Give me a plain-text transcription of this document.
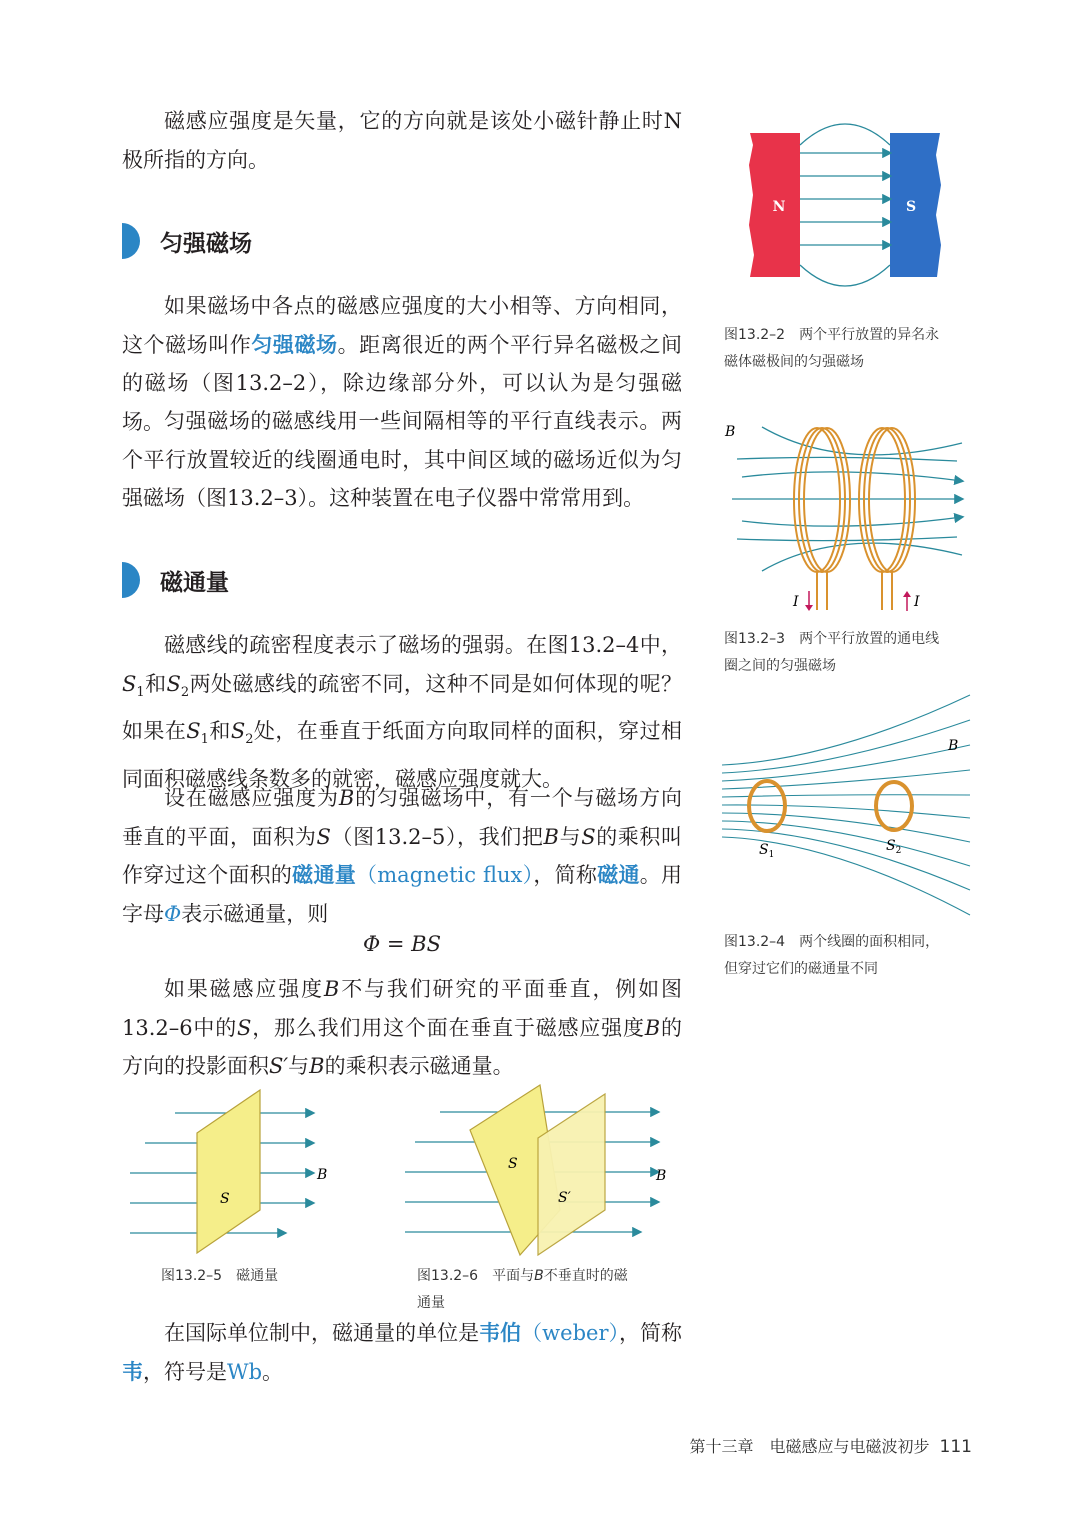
磁感应强度是矢量，它的方向就是该处小磁针静止时N 极所指的方向。

匀强磁场

如果磁场中各点的磁感应强度的大小相等、方向相同，这个磁场叫作匀强磁场。距离很近的两个平行异名磁极之间的磁场（图13.2–2），除边缘部分外，可以认为是匀强磁场。 匀强磁场的磁感线用一些间隔相等的平行直线表示。两个平行放置较近的线圈通电时，其中间区域的磁场近似为匀强磁场（图13.2–3）。这种装置在电子仪器中常常用到。

磁通量

磁感线的疏密程度表示了磁场的强弱。在图13.2–4中，$S_1$和$S_2$两处磁感线的疏密不同，这种不同是如何体现的呢？如果在$S_1$和$S_2$处，在垂直于纸面方向取同样的面积，穿过相同面积磁感线条数多的就密，磁感应强度就大。

设在磁感应强度为B的匀强磁场中，有一个与磁场方向垂直的平面，面积为S（图13.2–5），我们把B与S的乘积叫作穿过这个面积的磁通量（magnetic flux），简称磁通。用字母Φ表示磁通量，则

Φ = BS

如果磁感应强度B不与我们研究的平面垂直，例如图13.2–6中的S，那么我们用这个面在垂直于磁感应强度B的方向的投影面积S′与B的乘积表示磁通量。

在国际单位制中，磁通量的单位是韦伯（weber），简称韦，符号是Wb。

N	S
图13.2–2　两个平行放置的异名永
磁体磁极间的匀强磁场
B
I	I
图13.2–3　两个平行放置的通电线
圈之间的匀强磁场
B
$S_1$
$S_2$
图13.2–4　两个线圈的面积相同，
但穿过它们的磁通量不同
S
B
图13.2–5　磁通量
S
S′
B
图13.2–6　平面与B不垂直时的磁
通量
第十三章　电磁感应与电磁波初步 111
